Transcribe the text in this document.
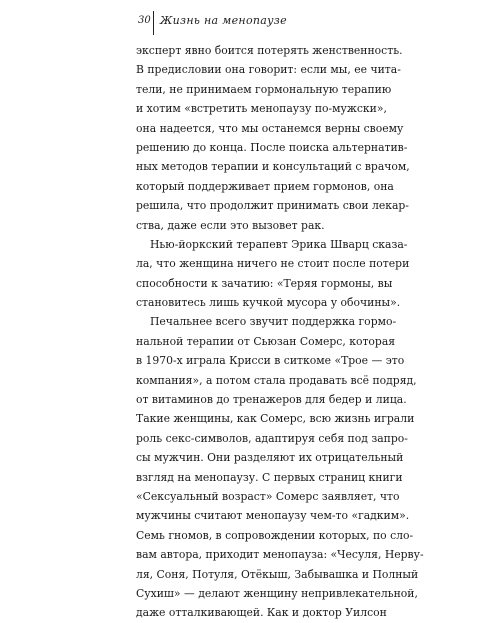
30 Жизнь на менопаузе
эксперт явно боится потерять женственность.
В предисловии она говорит: если мы, ее чита-
тели, не принимаем гормональную терапию
и хотим «встретить менопаузу по-мужски»,
она надеется, что мы останемся верны своему
решению до конца. После поиска альтернатив-
ных методов терапии и консультаций с врачом,
который поддерживает прием гормонов, она
решила, что продолжит принимать свои лекар-
ства, даже если это вызовет рак.
Нью-йоркский терапевт Эрика Шварц сказа-
ла, что женщина ничего не стоит после потери
способности к зачатию: «Теряя гормоны, вы
становитесь лишь кучкой мусора у обочины».
Печальнее всего звучит поддержка гормо-
нальной терапии от Сьюзан Сомерс, которая
в 1970-х играла Крисси в ситкоме «Трое — это
компания», а потом стала продавать всё подряд,
от витаминов до тренажеров для бедер и лица.
Такие женщины, как Сомерс, всю жизнь играли
роль секс-символов, адаптируя себя под запро-
сы мужчин. Они разделяют их отрицательный
взгляд на менопаузу. С первых страниц книги
«Сексуальный возраст» Сомерс заявляет, что
мужчины считают менопаузу чем-то «гадким».
Семь гномов, в сопровождении которых, по сло-
вам автора, приходит менопауза: «Чесуля, Нерву-
ля, Соня, Потуля, Отёкыш, Забывашка и Полный
Сухиш» — делают женщину непривлекательной,
даже отталкивающей. Как и доктор Уилсон
